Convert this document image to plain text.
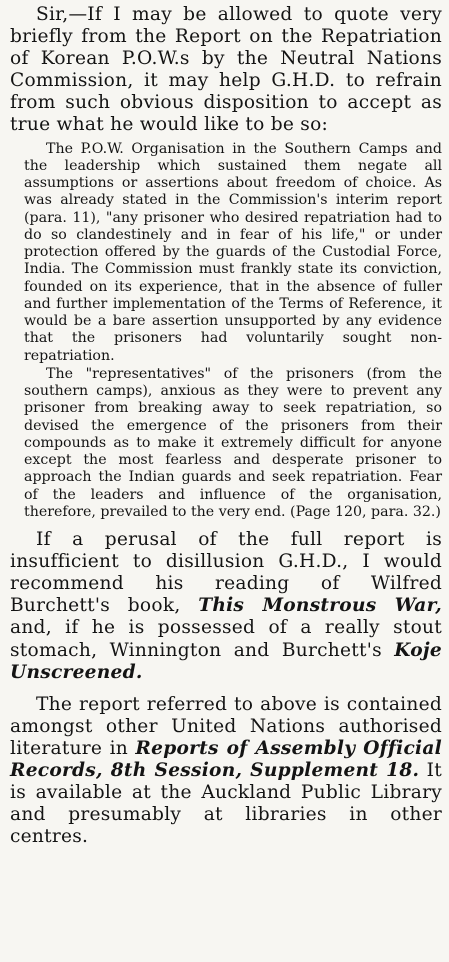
Sir,—If I may be allowed to quote very briefly from the Report on the Repatriation of Korean P.O.W.s by the Neutral Nations Commission, it may help G.H.D. to refrain from such obvious disposition to accept as true what he would like to be so:

The P.O.W. Organisation in the Southern Camps and the leadership which sustained them negate all assumptions or assertions about freedom of choice. As was already stated in the Commission's interim report (para. 11), "any prisoner who desired repatriation had to do so clandestinely and in fear of his life," or under protection offered by the guards of the Custodial Force, India. The Commission must frankly state its conviction, founded on its experience, that in the absence of fuller and further implementation of the Terms of Reference, it would be a bare assertion unsupported by any evidence that the prisoners had voluntarily sought non-repatriation.

The "representatives" of the prisoners (from the southern camps), anxious as they were to prevent any prisoner from breaking away to seek repatriation, so devised the emergence of the prisoners from their compounds as to make it extremely difficult for anyone except the most fearless and desperate prisoner to approach the Indian guards and seek repatriation. Fear of the leaders and influence of the organisation, therefore, prevailed to the very end. (Page 120, para. 32.)

If a perusal of the full report is insufficient to disillusion G.H.D., I would recommend his reading of Wilfred Burchett's book, This Monstrous War, and, if he is possessed of a really stout stomach, Winnington and Burchett's Koje Unscreened.

The report referred to above is contained amongst other United Nations authorised literature in Reports of Assembly Official Records, 8th Session, Supplement 18. It is available at the Auckland Public Library and presumably at libraries in other centres.
